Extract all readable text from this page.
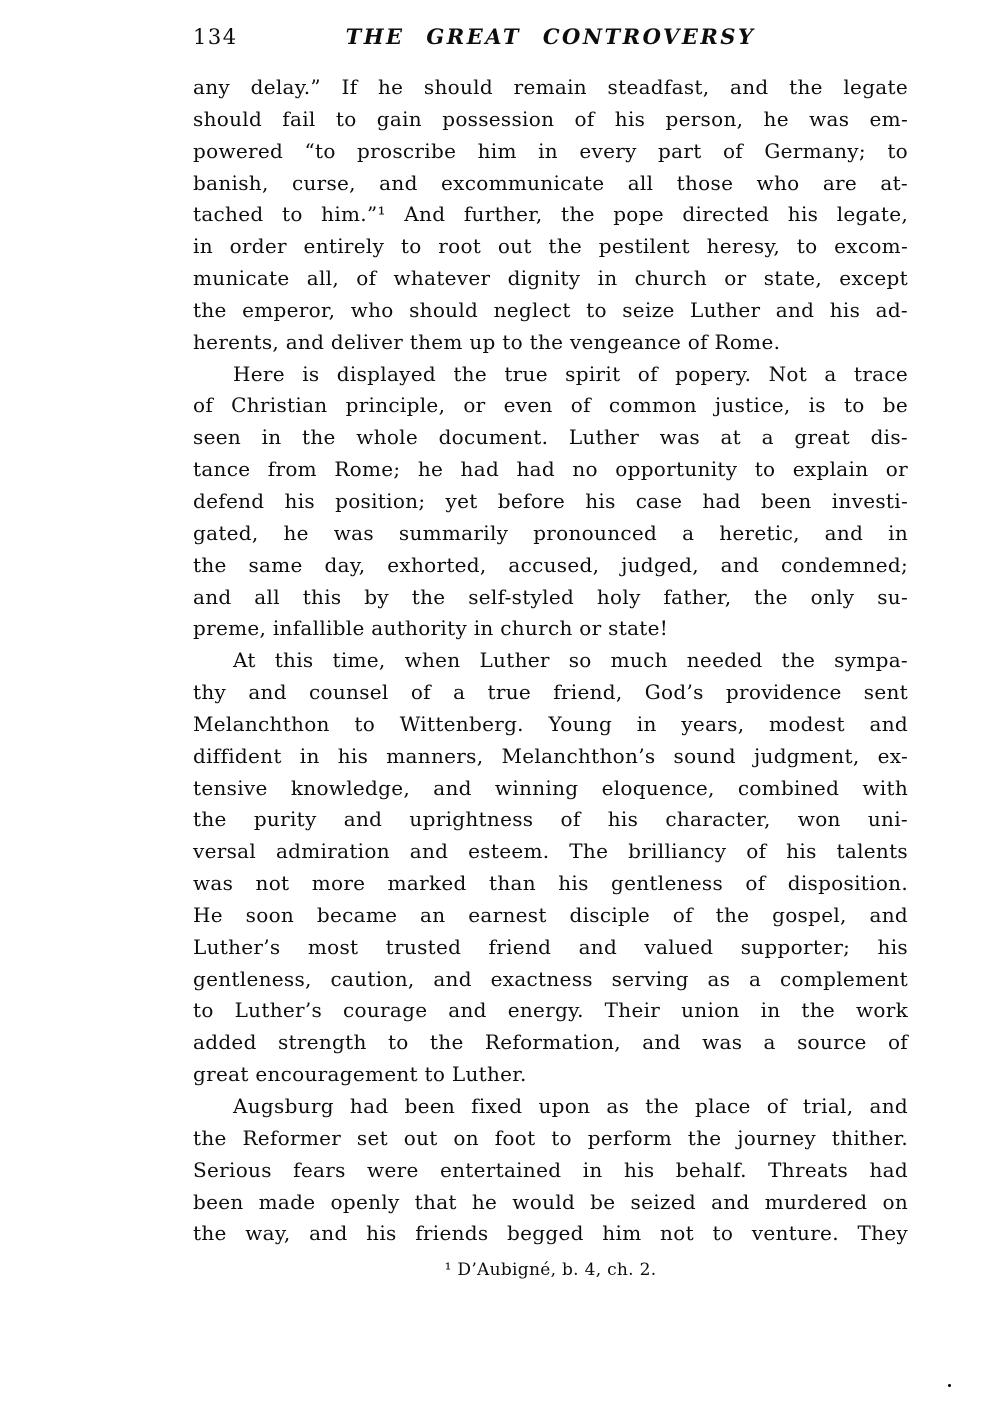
134	THE GREAT CONTROVERSY
any delay.” If he should remain steadfast, and the legate
should fail to gain possession of his person, he was em-
powered “to proscribe him in every part of Germany; to
banish, curse, and excommunicate all those who are at-
tached to him.”¹ And further, the pope directed his legate,
in order entirely to root out the pestilent heresy, to excom-
municate all, of whatever dignity in church or state, except
the emperor, who should neglect to seize Luther and his ad-
herents, and deliver them up to the vengeance of Rome.
Here is displayed the true spirit of popery. Not a trace
of Christian principle, or even of common justice, is to be
seen in the whole document. Luther was at a great dis-
tance from Rome; he had had no opportunity to explain or
defend his position; yet before his case had been investi-
gated, he was summarily pronounced a heretic, and in
the same day, exhorted, accused, judged, and condemned;
and all this by the self-styled holy father, the only su-
preme, infallible authority in church or state!
At this time, when Luther so much needed the sympa-
thy and counsel of a true friend, God’s providence sent
Melanchthon to Wittenberg. Young in years, modest and
diffident in his manners, Melanchthon’s sound judgment, ex-
tensive knowledge, and winning eloquence, combined with
the purity and uprightness of his character, won uni-
versal admiration and esteem. The brilliancy of his talents
was not more marked than his gentleness of disposition.
He soon became an earnest disciple of the gospel, and
Luther’s most trusted friend and valued supporter; his
gentleness, caution, and exactness serving as a complement
to Luther’s courage and energy. Their union in the work
added strength to the Reformation, and was a source of
great encouragement to Luther.
Augsburg had been fixed upon as the place of trial, and
the Reformer set out on foot to perform the journey thither.
Serious fears were entertained in his behalf. Threats had
been made openly that he would be seized and murdered on
the way, and his friends begged him not to venture. They
¹ D’Aubigné, b. 4, ch. 2.
